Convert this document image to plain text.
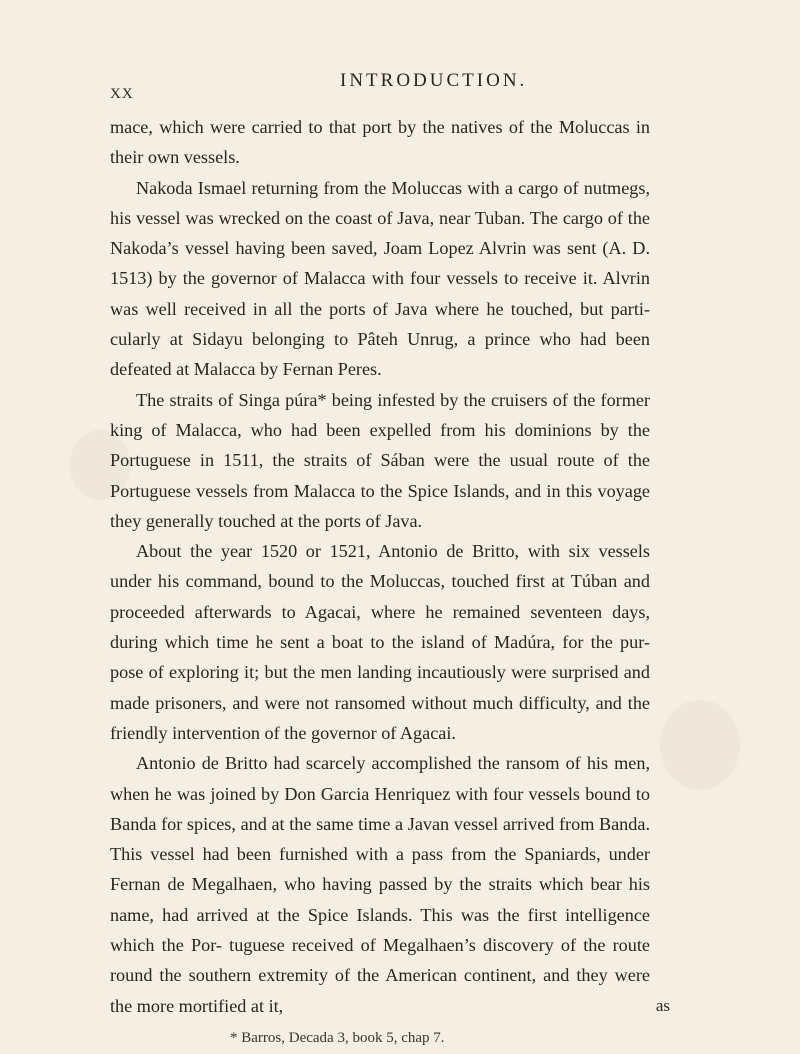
XX
INTRODUCTION.

mace, which were carried to that port by the natives of the Moluccas in their own vessels.

Nakoda Ismael returning from the Moluccas with a cargo of nutmegs, his vessel was wrecked on the coast of Java, near Tuban. The cargo of the Nakoda’s vessel having been saved, Joam Lopez Alvrin was sent (A. D. 1513) by the governor of Malacca with four vessels to receive it. Alvrin was well received in all the ports of Java where he touched, but parti- cularly at Sidayu belonging to Pâteh Unrug, a prince who had been defeated at Malacca by Fernan Peres.

The straits of Singa púra* being infested by the cruisers of the former king of Malacca, who had been expelled from his dominions by the Portuguese in 1511, the straits of Sában were the usual route of the Portuguese vessels from Malacca to the Spice Islands, and in this voyage they generally touched at the ports of Java.

About the year 1520 or 1521, Antonio de Britto, with six vessels under his command, bound to the Moluccas, touched first at Túban and proceeded afterwards to Agacai, where he remained seventeen days, during which time he sent a boat to the island of Madúra, for the pur- pose of exploring it; but the men landing incautiously were surprised and made prisoners, and were not ransomed without much difficulty, and the friendly intervention of the governor of Agacai.

Antonio de Britto had scarcely accomplished the ransom of his men, when he was joined by Don Garcia Henriquez with four vessels bound to Banda for spices, and at the same time a Javan vessel arrived from Banda. This vessel had been furnished with a pass from the Spaniards, under Fernan de Megalhaen, who having passed by the straits which bear his name, had arrived at the Spice Islands. This was the first intelligence which the Por- tuguese received of Megalhaen’s discovery of the route round the southern extremity of the American continent, and they were the more mortified at it,	as
* Barros, Decada 3, book 5, chap 7.
